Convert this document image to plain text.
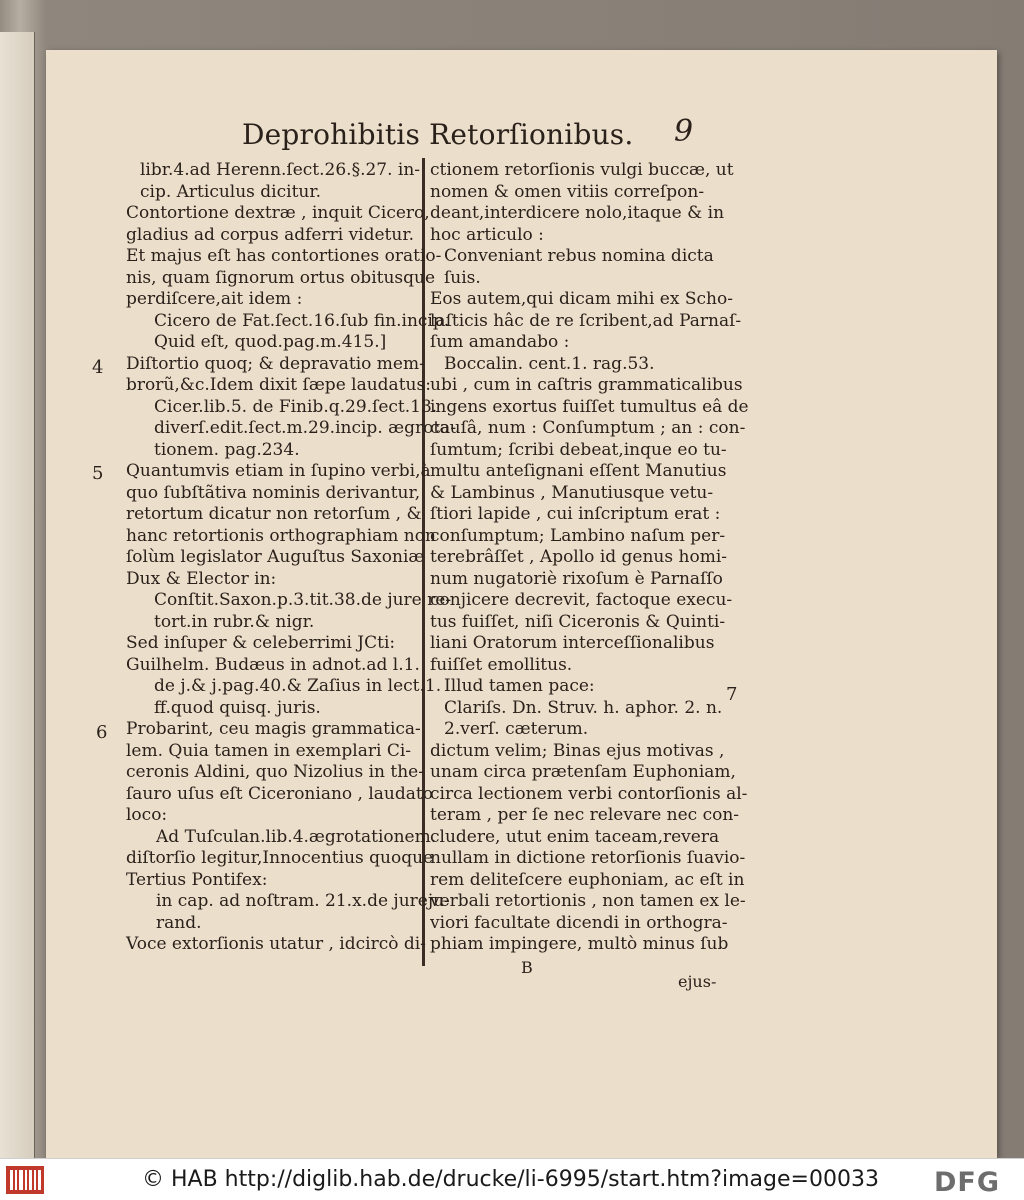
Deprohibitis Retorſionibus. 9
libr.4.ad Herenn.ſect.26.§.27. in-
cip. Articulus dicitur.
Contortione dextræ , inquit Cicero,
gladius ad corpus adferri videtur.
Et majus eſt has contortiones oratio-
nis, quam ſignorum ortus obitusque
perdiſcere,ait idem :
Cicero de Fat.ſect.16.ſub fin.incip.
Quid eſt, quod.pag.m.415.]
Diſtortio quoq; & depravatio mem-
brorũ,&c.Idem dixit ſæpe laudatus:
Cicer.lib.5. de Finib.q.29.ſect.13.
diverſ.edit.ſect.m.29.incip. ægrota-
tionem. pag.234.
Quantumvis etiam in ſupino verbi,à
quo ſubſtãtiva nominis derivantur,
retortum dicatur non retorſum , &
hanc retortionis orthographiam non
ſolùm legislator Auguſtus Saxoniæ
Dux & Elector in:
Conſtit.Saxon.p.3.tit.38.de jure re-
tort.in rubr.& nigr.
Sed inſuper & celeberrimi JCti:
Guilhelm. Budæus in adnot.ad l.1.
de j.& j.pag.40.& Zaſius in lect.1.
ff.quod quisq. juris.
Probarint, ceu magis grammatica-
lem. Quia tamen in exemplari Ci-
ceronis Aldini, quo Nizolius in the-
ſauro uſus eſt Ciceroniano , laudato
loco:
Ad Tuſculan.lib.4.ægrotationem.
diſtorſio legitur,Innocentius quoque
Tertius Pontifex:
in cap. ad noſtram. 21.x.de jureju-
rand.
Voce extorſionis utatur , idcircò di-
ctionem retorſionis vulgi buccæ, ut
nomen & omen vitiis correſpon-
deant,interdicere nolo,itaque & in
hoc articulo :
Conveniant rebus nomina dicta
ſuis.
Eos autem,qui dicam mihi ex Scho-
laſticis hâc de re ſcribent,ad Parnaſ-
ſum amandabo :
Boccalin. cent.1. rag.53.
ubi , cum in caſtris grammaticalibus
ingens exortus fuiſſet tumultus eâ de
cauſâ, num : Conſumptum ; an : con-
ſumtum; ſcribi debeat,inque eo tu-
multu anteſignani eſſent Manutius
& Lambinus , Manutiusque vetu-
ſtiori lapide , cui inſcriptum erat :
conſumptum; Lambino naſum per-
terebrâſſet , Apollo id genus homi-
num nugatoriè rixoſum è Parnaſſo
conjicere decrevit, factoque execu-
tus fuiſſet, niſi Ciceronis & Quinti-
liani Oratorum interceſſionalibus
fuiſſet emollitus.
Illud tamen pace:
Clariſs. Dn. Struv. h. aphor. 2. n.
2.verſ. cæterum.
dictum velim; Binas ejus motivas ,
unam circa prætenſam Euphoniam,
circa lectionem verbi contorſionis al-
teram , per ſe nec relevare nec con-
cludere, utut enim taceam,revera
nullam in dictione retorſionis ſuavio-
rem deliteſcere euphoniam, ac eſt in
verbali retortionis , non tamen ex le-
viori facultate dicendi in orthogra-
phiam impingere, multò minus ſub
4
5
6
7
B
ejus-
© HAB http://diglib.hab.de/drucke/li-6995/start.htm?image=00033 DFG
